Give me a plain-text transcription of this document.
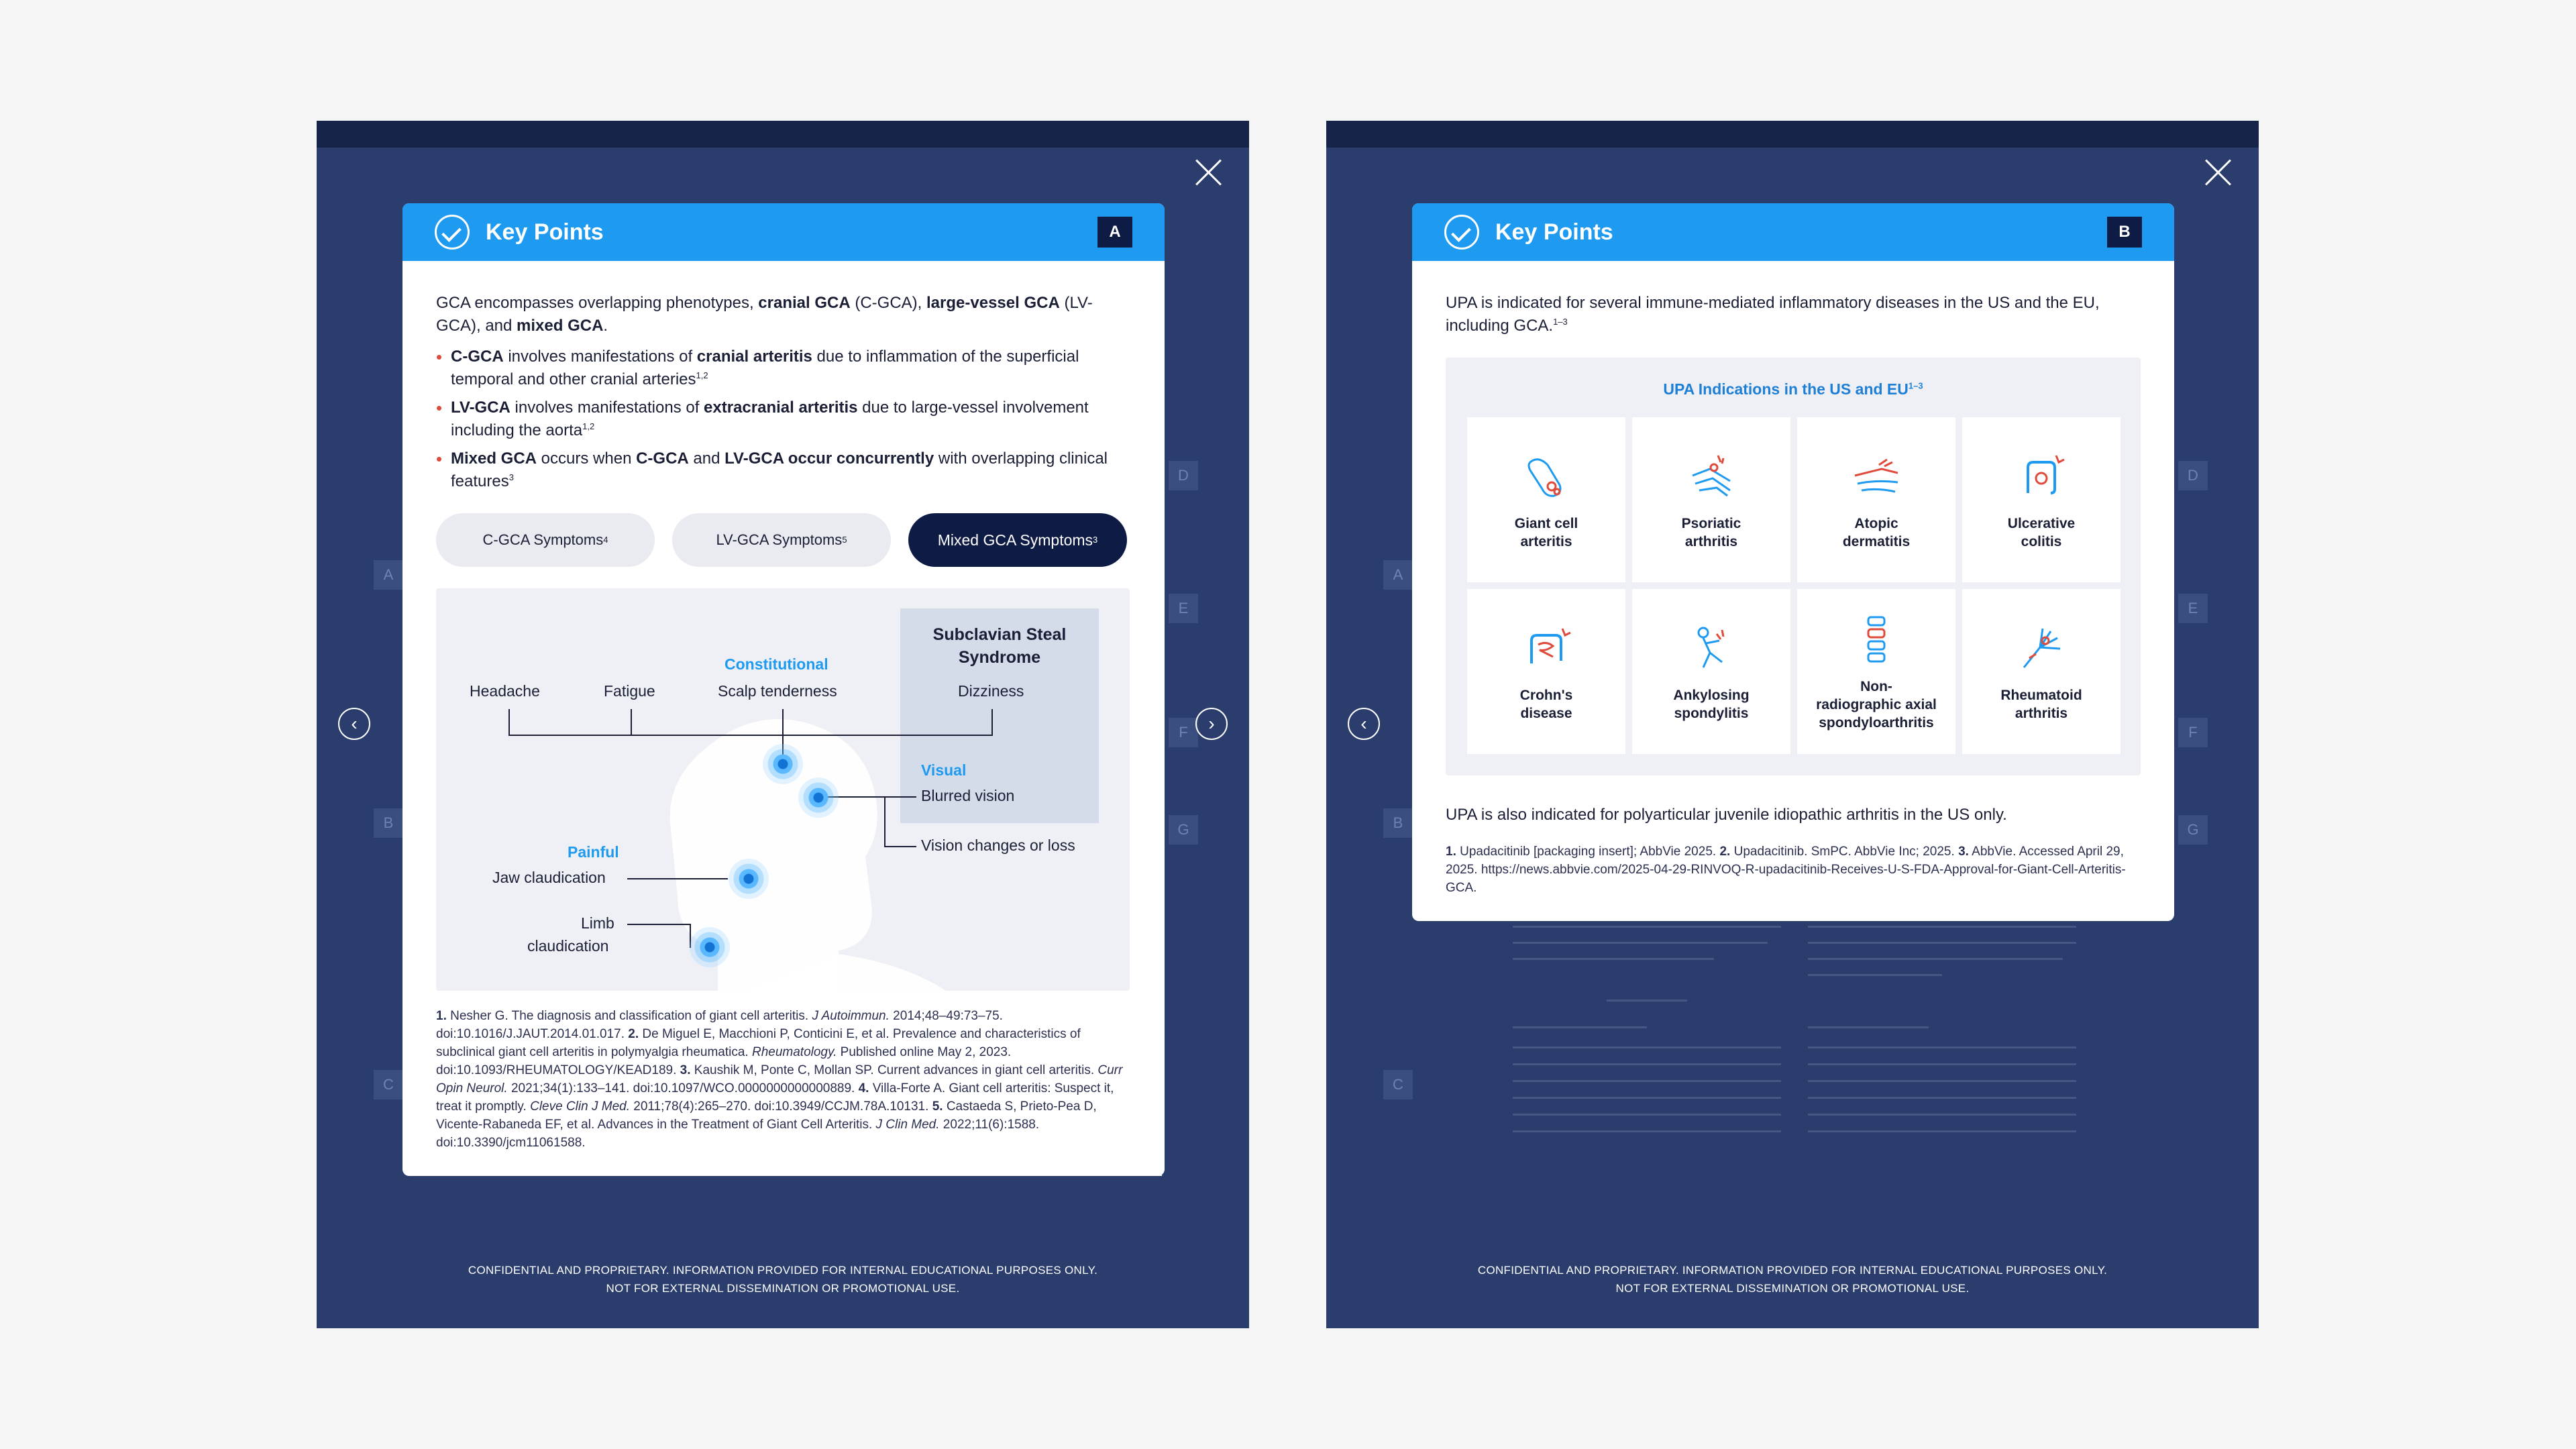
A
B
C
D
E
F
G
‹	›
Key Points	A

GCA encompasses overlapping phenotypes, cranial GCA (C-GCA), large-vessel GCA (LV-GCA), and mixed GCA.

• C-GCA involves manifestations of cranial arteritis due to inflammation of the superficial temporal and other cranial arteries$^{1,2}$
• LV-GCA involves manifestations of extracranial arteritis due to large-vessel involvement including the aorta$^{1,2}$
• Mixed GCA occurs when C-GCA and LV-GCA occur concurrently with overlapping clinical features$^3$
C-GCA Symptoms 4	LV-GCA Symptoms 5	Mixed GCA Symptoms 3
Subclavian Steal Syndrome
Constitutional
Headache	Fatigue	Scalp tenderness	Dizziness
Visual
Blurred vision
Vision changes or loss
Painful
Jaw claudication
Limb
claudication

1. Nesher G. The diagnosis and classification of giant cell arteritis. J Autoimmun. 2014;48–49:73–75. doi:10.1016/J.JAUT.2014.01.017. 2. De Miguel E, Macchioni P, Conticini E, et al. Prevalence and characteristics of subclinical giant cell arteritis in polymyalgia rheumatica. Rheumatology. Published online May 2, 2023. doi:10.1093/RHEUMATOLOGY/KEAD189. 3. Kaushik M, Ponte C, Mollan SP. Current advances in giant cell arteritis. Curr Opin Neurol. 2021;34(1):133–141. doi:10.1097/WCO.0000000000000889. 4. Villa-Forte A. Giant cell arteritis: Suspect it, treat it promptly. Cleve Clin J Med. 2011;78(4):265–270. doi:10.3949/CCJM.78A.10131. 5. Castaeda S, Prieto-Pea D, Vicente-Rabaneda EF, et al. Advances in the Treatment of Giant Cell Arteritis. J Clin Med. 2022;11(6):1588. doi:10.3390/jcm11061588.

ANNOTATION CONTINUES ON NEXT PAGE
CONFIDENTIAL AND PROPRIETARY. INFORMATION PROVIDED FOR INTERNAL EDUCATIONAL PURPOSES ONLY.
NOT FOR EXTERNAL DISSEMINATION OR PROMOTIONAL USE.
A
B
C
D
E
F
G
‹
Key Points	B

UPA is indicated for several immune-mediated inflammatory diseases in the US and the EU, including GCA.$^{1-3}$

UPA Indications in the US and EU$^{1-3}$
Giant cell
arteritis
Psoriatic
arthritis
Atopic
dermatitis
Ulcerative
colitis
Crohn's
disease
Ankylosing
spondylitis
Non-
radiographic axial
spondyloarthritis
Rheumatoid
arthritis

UPA is also indicated for polyarticular juvenile idiopathic arthritis in the US only.

1. Upadacitinib [packaging insert]; AbbVie 2025. 2. Upadacitinib. SmPC. AbbVie Inc; 2025. 3. AbbVie. Accessed April 29, 2025. https://news.abbvie.com/2025-04-29-RINVOQ-R-upadacitinib-Receives-U-S-FDA-Approval-for-Giant-Cell-Arteritis-GCA.

CONFIDENTIAL AND PROPRIETARY. INFORMATION PROVIDED FOR INTERNAL EDUCATIONAL PURPOSES ONLY.
NOT FOR EXTERNAL DISSEMINATION OR PROMOTIONAL USE.
